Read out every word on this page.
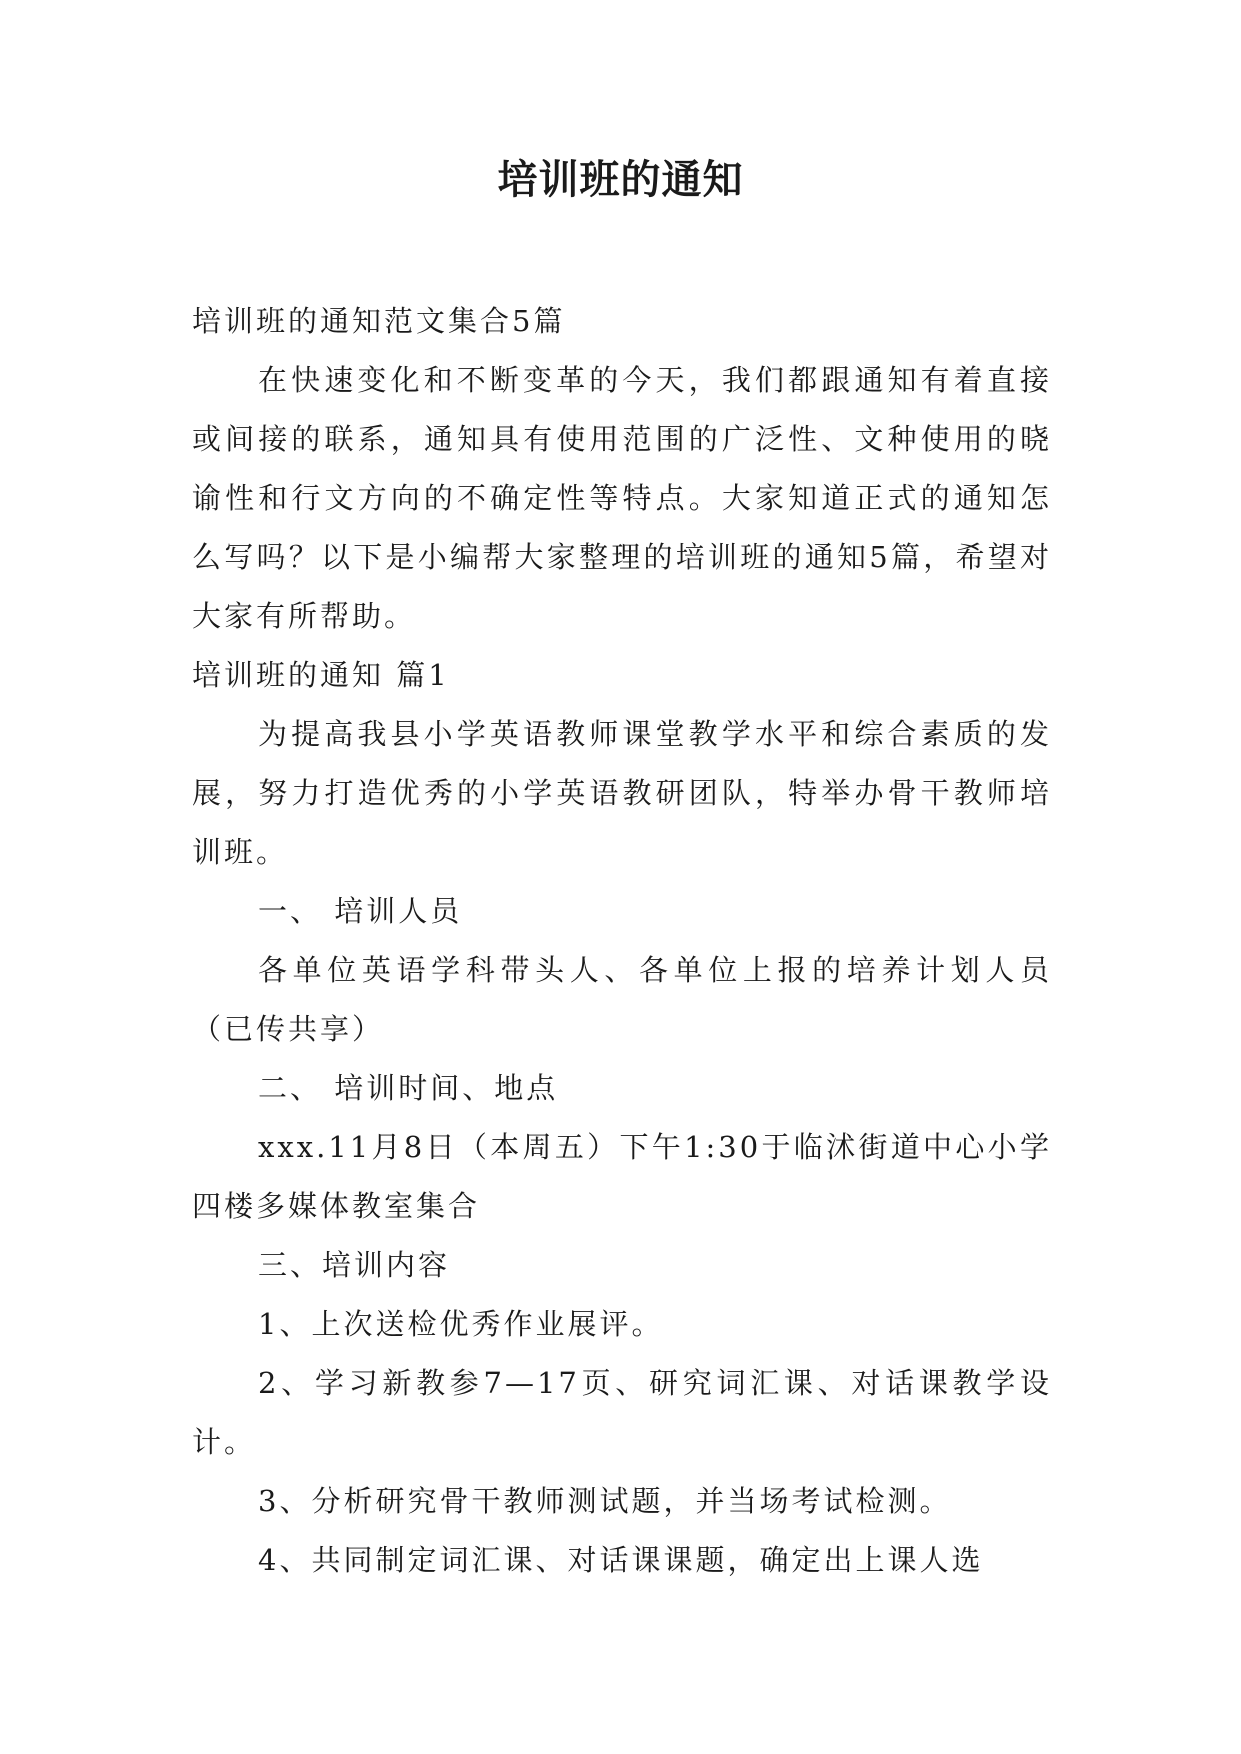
培训班的通知

培训班的通知范文集合5篇

在快速变化和不断变革的今天，我们都跟通知有着直接或间接的联系，通知具有使用范围的广泛性、文种使用的晓谕性和行文方向的不确定性等特点。大家知道正式的通知怎么写吗？以下是小编帮大家整理的培训班的通知5篇，希望对大家有所帮助。

培训班的通知 篇1

为提高我县小学英语教师课堂教学水平和综合素质的发展，努力打造优秀的小学英语教研团队，特举办骨干教师培训班。

一、 培训人员

各单位英语学科带头人、各单位上报的培养计划人员（已传共享）

二、 培训时间、地点

xxx.11月8日（本周五）下午1:30于临沭街道中心小学四楼多媒体教室集合

三、培训内容

1、上次送检优秀作业展评。

2、学习新教参7—17页、研究词汇课、对话课教学设计。

3、分析研究骨干教师测试题，并当场考试检测。

4、共同制定词汇课、对话课课题，确定出上课人选
